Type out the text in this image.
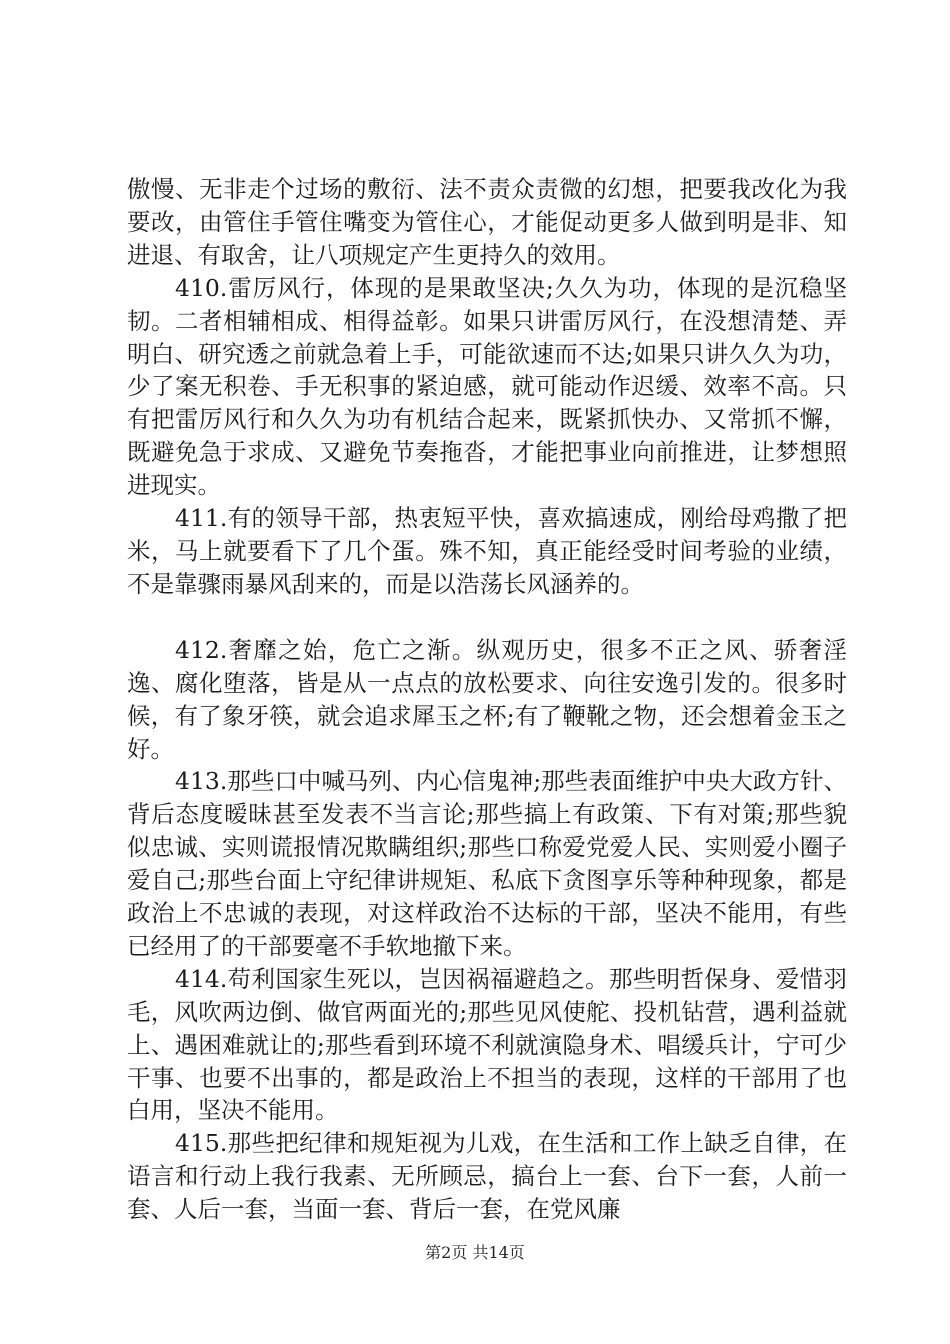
傲慢、无非走个过场的敷衍、法不责众责微的幻想，把要我改化为我要改，由管住手管住嘴变为管住心，才能促动更多人做到明是非、知进退、有取舍，让八项规定产生更持久的效用。

410.雷厉风行，体现的是果敢坚决;久久为功，体现的是沉稳坚韧。二者相辅相成、相得益彰。如果只讲雷厉风行，在没想清楚、弄明白、研究透之前就急着上手，可能欲速而不达;如果只讲久久为功，少了案无积卷、手无积事的紧迫感，就可能动作迟缓、效率不高。只有把雷厉风行和久久为功有机结合起来，既紧抓快办、又常抓不懈，既避免急于求成、又避免节奏拖沓，才能把事业向前推进，让梦想照进现实。

411.有的领导干部，热衷短平快，喜欢搞速成，刚给母鸡撒了把米，马上就要看下了几个蛋。殊不知，真正能经受时间考验的业绩，不是靠骤雨暴风刮来的，而是以浩荡长风涵养的。

412.奢靡之始，危亡之渐。纵观历史，很多不正之风、骄奢淫逸、腐化堕落，皆是从一点点的放松要求、向往安逸引发的。很多时候，有了象牙筷，就会追求犀玉之杯;有了鞭靴之物，还会想着金玉之好。

413.那些口中喊马列、内心信鬼神;那些表面维护中央大政方针、背后态度暧昧甚至发表不当言论;那些搞上有政策、下有对策;那些貌似忠诚、实则谎报情况欺瞒组织;那些口称爱党爱人民、实则爱小圈子爱自己;那些台面上守纪律讲规矩、私底下贪图享乐等种种现象，都是政治上不忠诚的表现，对这样政治不达标的干部，坚决不能用，有些已经用了的干部要毫不手软地撤下来。

414.苟利国家生死以，岂因祸福避趋之。那些明哲保身、爱惜羽毛，风吹两边倒、做官两面光的;那些见风使舵、投机钻营，遇利益就上、遇困难就让的;那些看到环境不利就演隐身术、唱缓兵计，宁可少干事、也要不出事的，都是政治上不担当的表现，这样的干部用了也白用，坚决不能用。

415.那些把纪律和规矩视为儿戏，在生活和工作上缺乏自律，在语言和行动上我行我素、无所顾忌，搞台上一套、台下一套，人前一套、人后一套，当面一套、背后一套，在党风廉

第2页 共14页
